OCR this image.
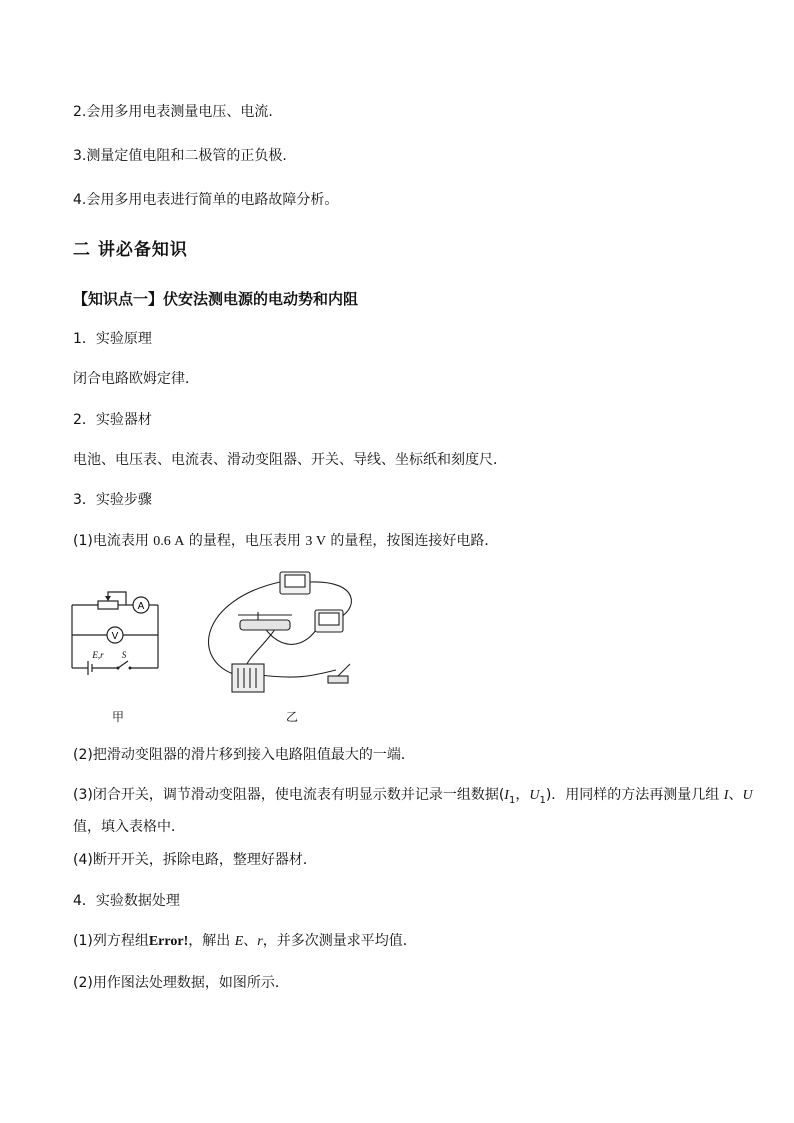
2.会用多用电表测量电压、电流.
3.测量定值电阻和二极管的正负极.
4.会用多用电表进行简单的电路故障分析。
二 讲必备知识
【知识点一】伏安法测电源的电动势和内阻
1．实验原理
闭合电路欧姆定律．
2．实验器材
电池、电压表、电流表、滑动变阻器、开关、导线、坐标纸和刻度尺．
3．实验步骤
(1)电流表用 0.6 A 的量程，电压表用 3 V 的量程，按图连接好电路．
A
V
E,r S
甲	乙
(2)把滑动变阻器的滑片移到接入电路阻值最大的一端．
(3)闭合开关，调节滑动变阻器，使电流表有明显示数并记录一组数据($I_1$，$U_1$)．用同样的方法再测量几组 I、U
值，填入表格中．
(4)断开开关，拆除电路，整理好器材．
4．实验数据处理
(1)列方程组Error!，解出 E、r，并多次测量求平均值．
(2)用作图法处理数据，如图所示．
